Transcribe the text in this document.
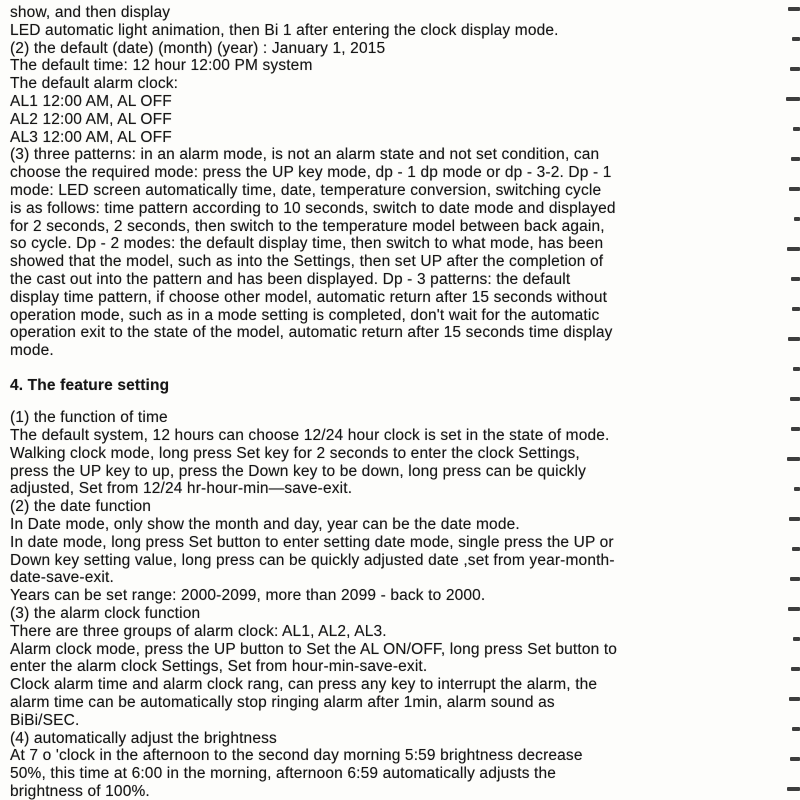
show, and then display
LED automatic light animation, then Bi 1 after entering the clock display mode.
(2) the default (date) (month) (year) : January 1, 2015
The default time: 12 hour 12:00 PM system
The default alarm clock:
AL1 12:00 AM, AL OFF
AL2 12:00 AM, AL OFF
AL3 12:00 AM, AL OFF
(3) three patterns: in an alarm mode, is not an alarm state and not set condition, can
choose the required mode: press the UP key mode, dp - 1 dp mode or dp - 3-2. Dp - 1
mode: LED screen automatically time, date, temperature conversion, switching cycle
is as follows: time pattern according to 10 seconds, switch to date mode and displayed
for 2 seconds, 2 seconds, then switch to the temperature model between back again,
so cycle. Dp - 2 modes: the default display time, then switch to what mode, has been
showed that the model, such as into the Settings, then set UP after the completion of
the cast out into the pattern and has been displayed. Dp - 3 patterns: the default
display time pattern, if choose other model, automatic return after 15 seconds without
operation mode, such as in a mode setting is completed, don't wait for the automatic
operation exit to the state of the model, automatic return after 15 seconds time display
mode.
4. The feature setting
(1) the function of time
The default system, 12 hours can choose 12/24 hour clock is set in the state of mode.
Walking clock mode, long press Set key for 2 seconds to enter the clock Settings,
press the UP key to up, press the Down key to be down, long press can be quickly
adjusted, Set from 12/24 hr-hour-min—save-exit.
(2) the date function
In Date mode, only show the month and day, year can be the date mode.
In date mode, long press Set button to enter setting date mode, single press the UP or
Down key setting value, long press can be quickly adjusted date ,set from year-month-
date-save-exit.
Years can be set range: 2000-2099, more than 2099 - back to 2000.
(3) the alarm clock function
There are three groups of alarm clock: AL1, AL2, AL3.
Alarm clock mode, press the UP button to Set the AL ON/OFF, long press Set button to
enter the alarm clock Settings, Set from hour-min-save-exit.
Clock alarm time and alarm clock rang, can press any key to interrupt the alarm, the
alarm time can be automatically stop ringing alarm after 1min, alarm sound as
BiBi/SEC.
(4) automatically adjust the brightness
At 7 o 'clock in the afternoon to the second day morning 5:59 brightness decrease
50%, this time at 6:00 in the morning, afternoon 6:59 automatically adjusts the
brightness of 100%.
